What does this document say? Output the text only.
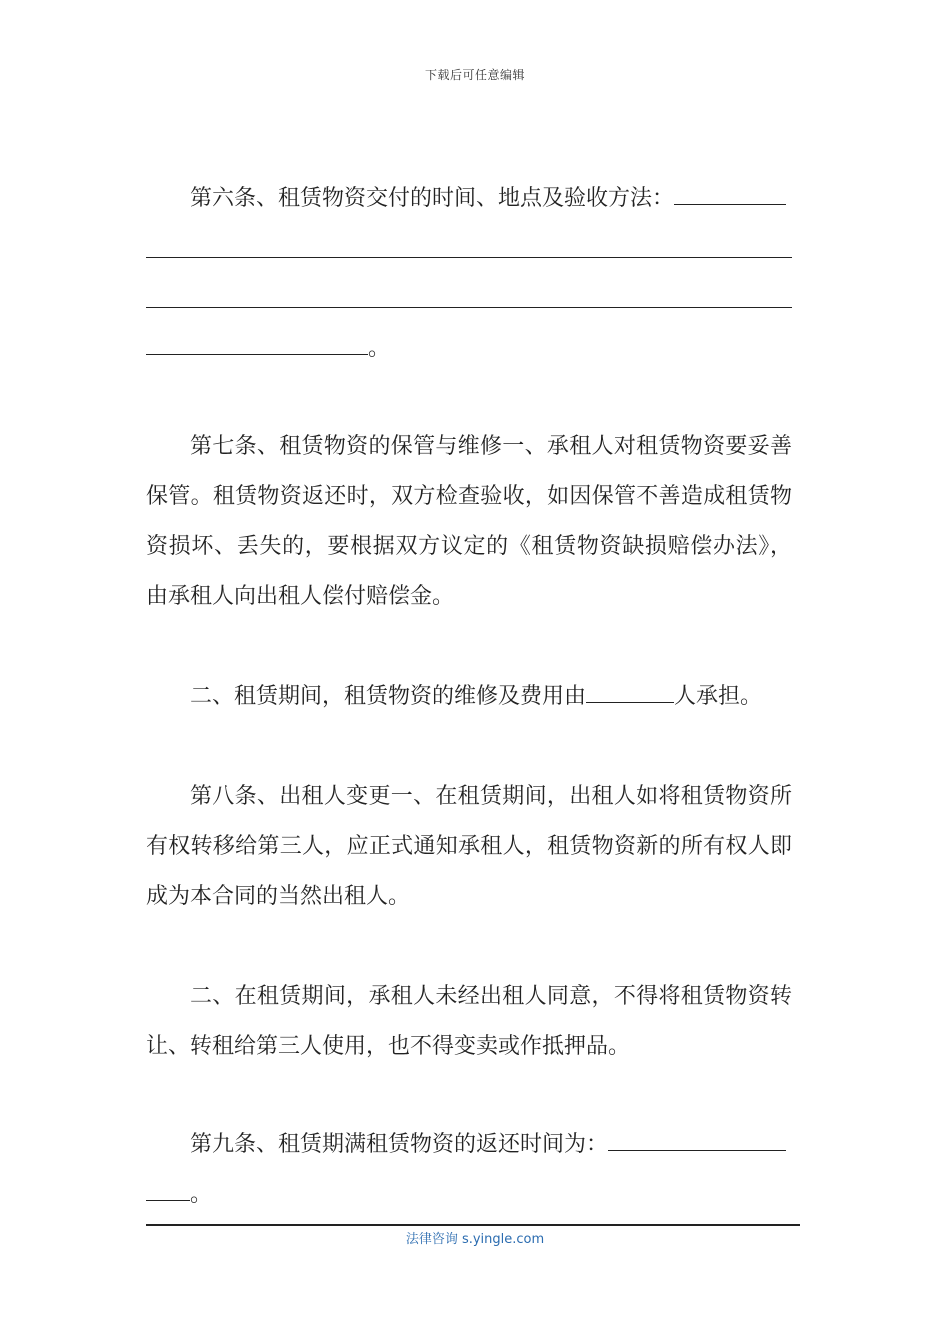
下载后可任意编辑

第六条、租赁物资交付的时间、地点及验收方法：

。

第七条、租赁物资的保管与维修一、承租人对租赁物资要妥善保管。租赁物资返还时，双方检查验收，如因保管不善造成租赁物资损坏、丢失的，要根据双方议定的《租赁物资缺损赔偿办法》，由承租人向出租人偿付赔偿金。

二、租赁期间，租赁物资的维修及费用由	人承担。

第八条、出租人变更一、在租赁期间，出租人如将租赁物资所有权转移给第三人，应正式通知承租人，租赁物资新的所有权人即成为本合同的当然出租人。

二、在租赁期间，承租人未经出租人同意，不得将租赁物资转让、转租给第三人使用，也不得变卖或作抵押品。

第九条、租赁期满租赁物资的返还时间为：

。
法律咨询 s.yingle.com
